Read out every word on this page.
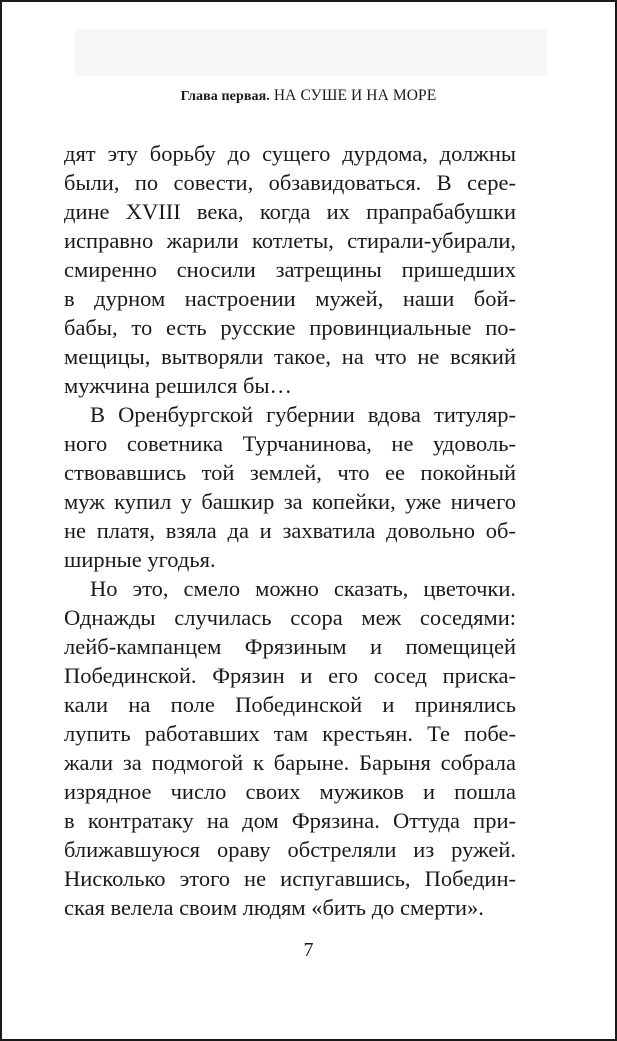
Глава первая. НА СУШЕ И НА МОРЕ
дят эту борьбу до сущего дурдома, должны
были, по совести, обзавидоваться. В сере-
дине XVIII века, когда их прапрабабушки
исправно жарили котлеты, стирали-убирали,
смиренно сносили затрещины пришедших
в дурном настроении мужей, наши бой-
бабы, то есть русские провинциальные по-
мещицы, вытворяли такое, на что не всякий
мужчина решился бы…
В Оренбургской губернии вдова титуляр-
ного советника Турчанинова, не удоволь-
ствовавшись той землей, что ее покойный
муж купил у башкир за копейки, уже ничего
не платя, взяла да и захватила довольно об-
ширные угодья.
Но это, смело можно сказать, цветочки.
Однажды случилась ссора меж соседями:
лейб-кампанцем Фрязиным и помещицей
Побединской. Фрязин и его сосед приска-
кали на поле Побединской и принялись
лупить работавших там крестьян. Те побе-
жали за подмогой к барыне. Барыня собрала
изрядное число своих мужиков и пошла
в контратаку на дом Фрязина. Оттуда при-
ближавшуюся ораву обстреляли из ружей.
Нисколько этого не испугавшись, Победин-
ская велела своим людям «бить до смерти».
7
